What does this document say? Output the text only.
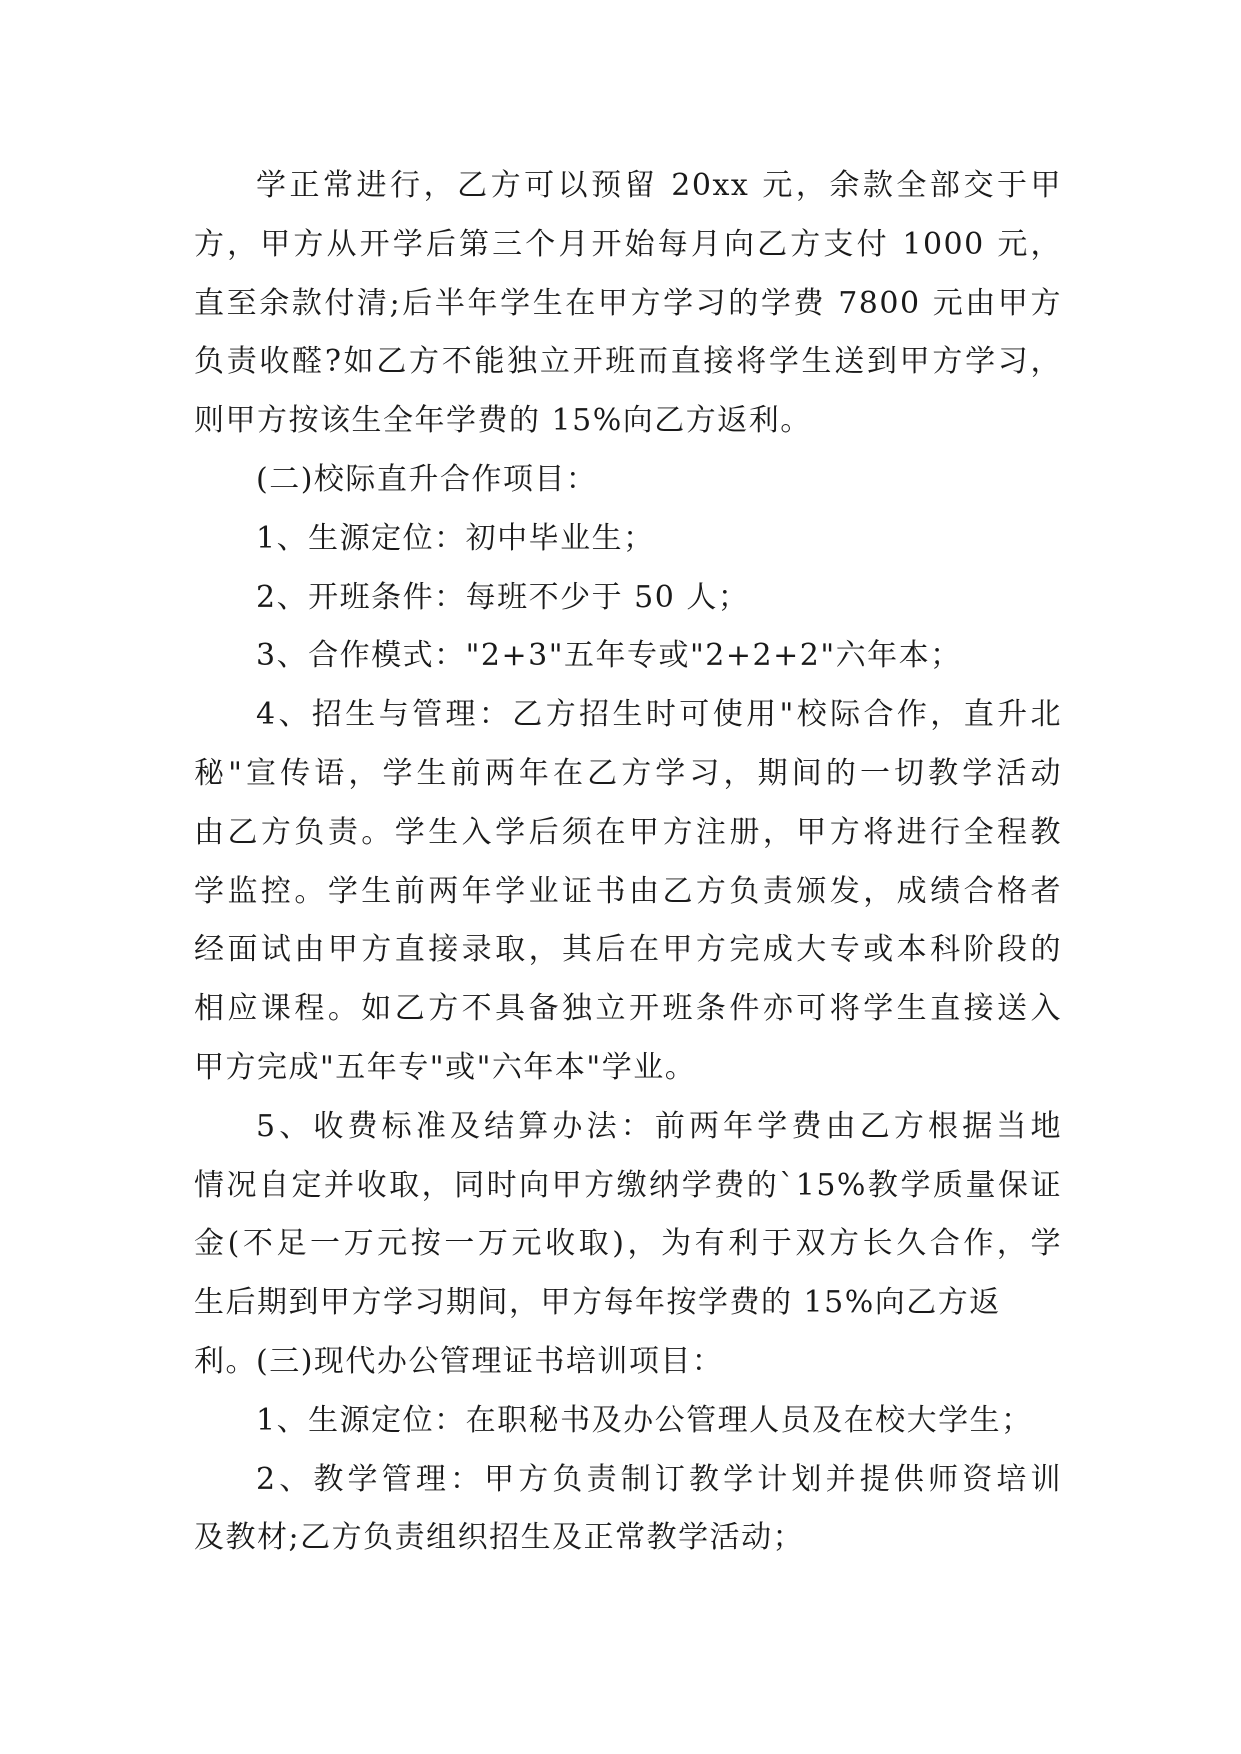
学正常进行，乙方可以预留 20xx 元，余款全部交于甲
方，甲方从开学后第三个月开始每月向乙方支付 1000 元，
直至余款付清;后半年学生在甲方学习的学费 7800 元由甲方
负责收醛?如乙方不能独立开班而直接将学生送到甲方学习，
则甲方按该生全年学费的 15%向乙方返利。
(二)校际直升合作项目：
1、生源定位：初中毕业生；
2、开班条件：每班不少于 50 人；
3、合作模式："2+3"五年专或"2+2+2"六年本；
4、招生与管理：乙方招生时可使用"校际合作，直升北
秘"宣传语，学生前两年在乙方学习，期间的一切教学活动
由乙方负责。学生入学后须在甲方注册，甲方将进行全程教
学监控。学生前两年学业证书由乙方负责颁发，成绩合格者
经面试由甲方直接录取，其后在甲方完成大专或本科阶段的
相应课程。如乙方不具备独立开班条件亦可将学生直接送入
甲方完成"五年专"或"六年本"学业。
5、收费标准及结算办法：前两年学费由乙方根据当地
情况自定并收取，同时向甲方缴纳学费的`15%教学质量保证
金(不足一万元按一万元收取)，为有利于双方长久合作，学
生后期到甲方学习期间，甲方每年按学费的 15%向乙方返利。 (三)现代办公管理证书培训项目：
1、生源定位：在职秘书及办公管理人员及在校大学生；
2、教学管理：甲方负责制订教学计划并提供师资培训
及教材;乙方负责组织招生及正常教学活动；
